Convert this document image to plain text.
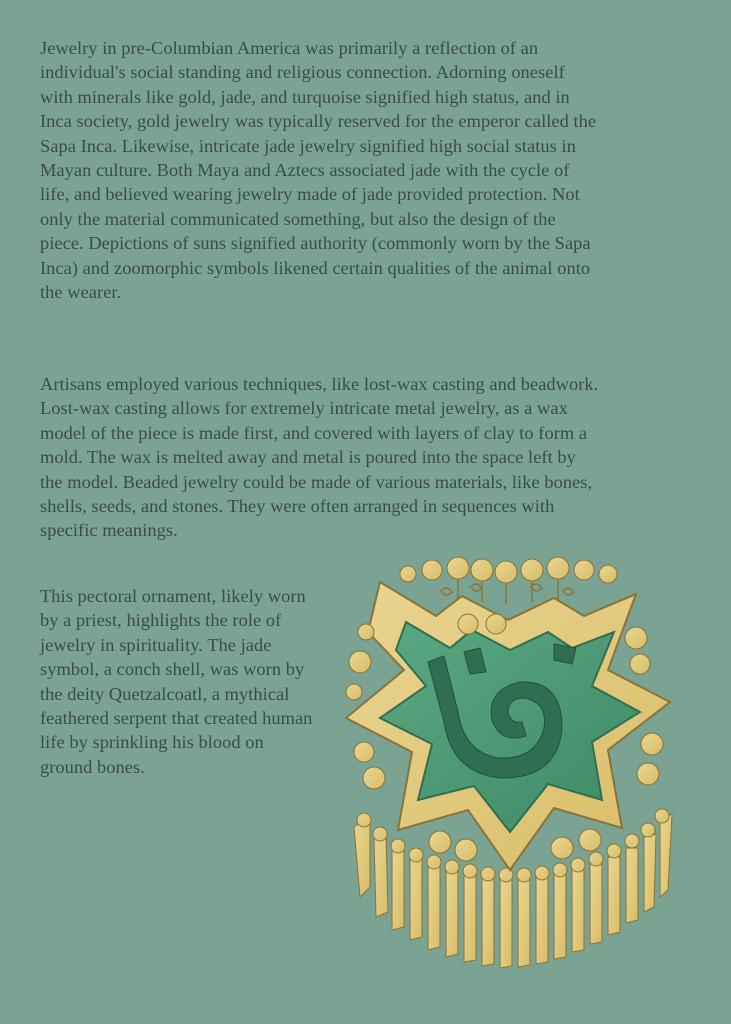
Jewelry in pre-Columbian America was primarily a reflection of an individual's social standing and religious connection. Adorning oneself with minerals like gold, jade, and turquoise signified high status, and in Inca society, gold jewelry was typically reserved for the emperor called the Sapa Inca. Likewise, intricate jade jewelry signified high social status in Mayan culture. Both Maya and Aztecs associated jade with the cycle of life, and believed wearing jewelry made of jade provided protection. Not only the material communicated something, but also the design of the piece. Depictions of suns signified authority (commonly worn by the Sapa Inca) and zoomorphic symbols likened certain qualities of the animal onto the wearer.

Artisans employed various techniques, like lost-wax casting and beadwork. Lost-wax casting allows for extremely intricate metal jewelry, as a wax model of the piece is made first, and covered with layers of clay to form a mold. The wax is melted away and metal is poured into the space left by the model. Beaded jewelry could be made of various materials, like bones, shells, seeds, and stones. They were often arranged in sequences with specific meanings.

This pectoral ornament, likely worn by a priest, highlights the role of jewelry in spirituality. The jade symbol, a conch shell, was worn by the deity Quetzalcoatl, a mythical feathered serpent that created human life by sprinkling his blood on ground bones.
